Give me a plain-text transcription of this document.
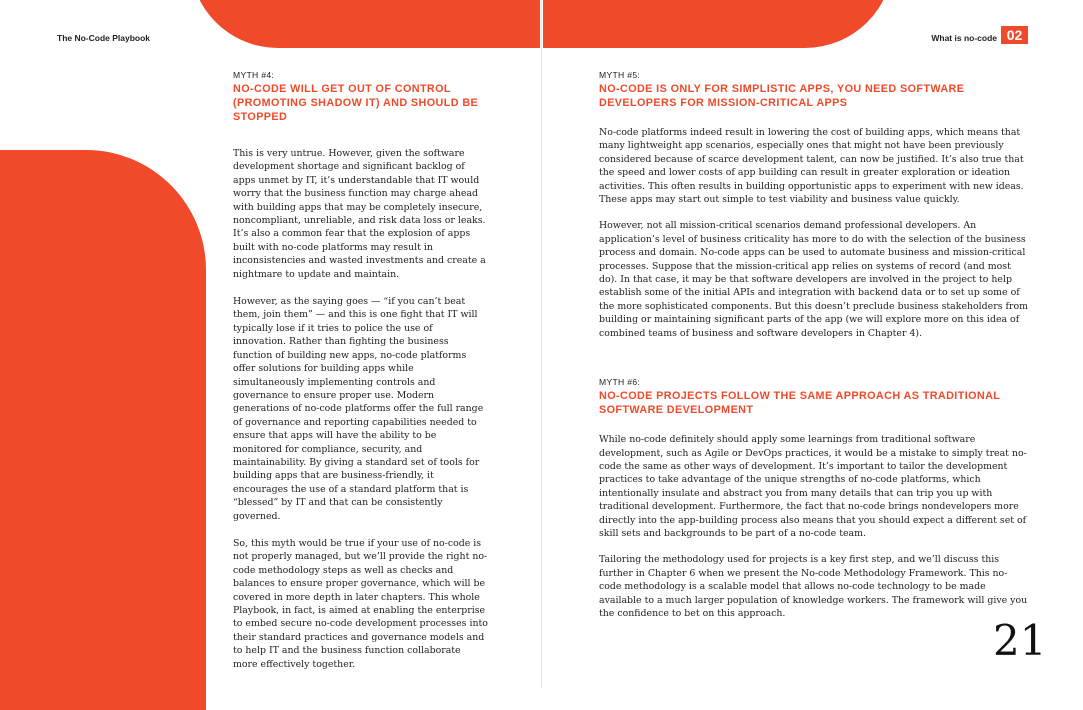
The No-Code Playbook	What is no-code 02

MYTH #4:

NO-CODE WILL GET OUT OF CONTROL (PROMOTING SHADOW IT) AND SHOULD BE STOPPED

This is very untrue. However, given the software development shortage and significant backlog of apps unmet by IT, it’s understandable that IT would worry that the business function may charge ahead with building apps that may be completely insecure, noncompliant, unreliable, and risk data loss or leaks. It’s also a common fear that the explosion of apps built with no-code platforms may result in inconsistencies and wasted investments and create a nightmare to update and maintain.

However, as the saying goes — “if you can’t beat them, join them” — and this is one fight that IT will typically lose if it tries to police the use of innovation. Rather than fighting the business function of building new apps, no-code platforms offer solutions for building apps while simultaneously implementing controls and governance to ensure proper use. Modern generations of no-code platforms offer the full range of governance and reporting capabilities needed to ensure that apps will have the ability to be monitored for compliance, security, and maintainability. By giving a standard set of tools for building apps that are business-friendly, it encourages the use of a standard platform that is “blessed” by IT and that can be consistently governed.

So, this myth would be true if your use of no-code is not properly managed, but we’ll provide the right no-code methodology steps as well as checks and balances to ensure proper governance, which will be covered in more depth in later chapters. This whole Playbook, in fact, is aimed at enabling the enterprise to embed secure no-code development processes into their standard practices and governance models and to help IT and the business function collaborate more effectively together.

MYTH #5:

NO-CODE IS ONLY FOR SIMPLISTIC APPS, YOU NEED SOFTWARE DEVELOPERS FOR MISSION-CRITICAL APPS

No-code platforms indeed result in lowering the cost of building apps, which means that many lightweight app scenarios, especially ones that might not have been previously considered because of scarce development talent, can now be justified. It’s also true that the speed and lower costs of app building can result in greater exploration or ideation activities. This often results in building opportunistic apps to experiment with new ideas. These apps may start out simple to test viability and business value quickly.

However, not all mission-critical scenarios demand professional developers. An application’s level of business criticality has more to do with the selection of the business process and domain. No-code apps can be used to automate business and mission-critical processes. Suppose that the mission-critical app relies on systems of record (and most do). In that case, it may be that software developers are involved in the project to help establish some of the initial APIs and integration with backend data or to set up some of the more sophisticated components. But this doesn’t preclude business stakeholders from building or maintaining significant parts of the app (we will explore more on this idea of combined teams of business and software developers in Chapter 4).

MYTH #6:

NO-CODE PROJECTS FOLLOW THE SAME APPROACH AS TRADITIONAL SOFTWARE DEVELOPMENT

While no-code definitely should apply some learnings from traditional software development, such as Agile or DevOps practices, it would be a mistake to simply treat no-code the same as other ways of development. It’s important to tailor the development practices to take advantage of the unique strengths of no-code platforms, which intentionally insulate and abstract you from many details that can trip you up with traditional development. Furthermore, the fact that no-code brings nondevelopers more directly into the app-building process also means that you should expect a different set of skill sets and backgrounds to be part of a no-code team.

Tailoring the methodology used for projects is a key first step, and we’ll discuss this further in Chapter 6 when we present the No-code Methodology Framework. This no-code methodology is a scalable model that allows no-code technology to be made available to a much larger population of knowledge workers. The framework will give you the confidence to bet on this approach.

21
